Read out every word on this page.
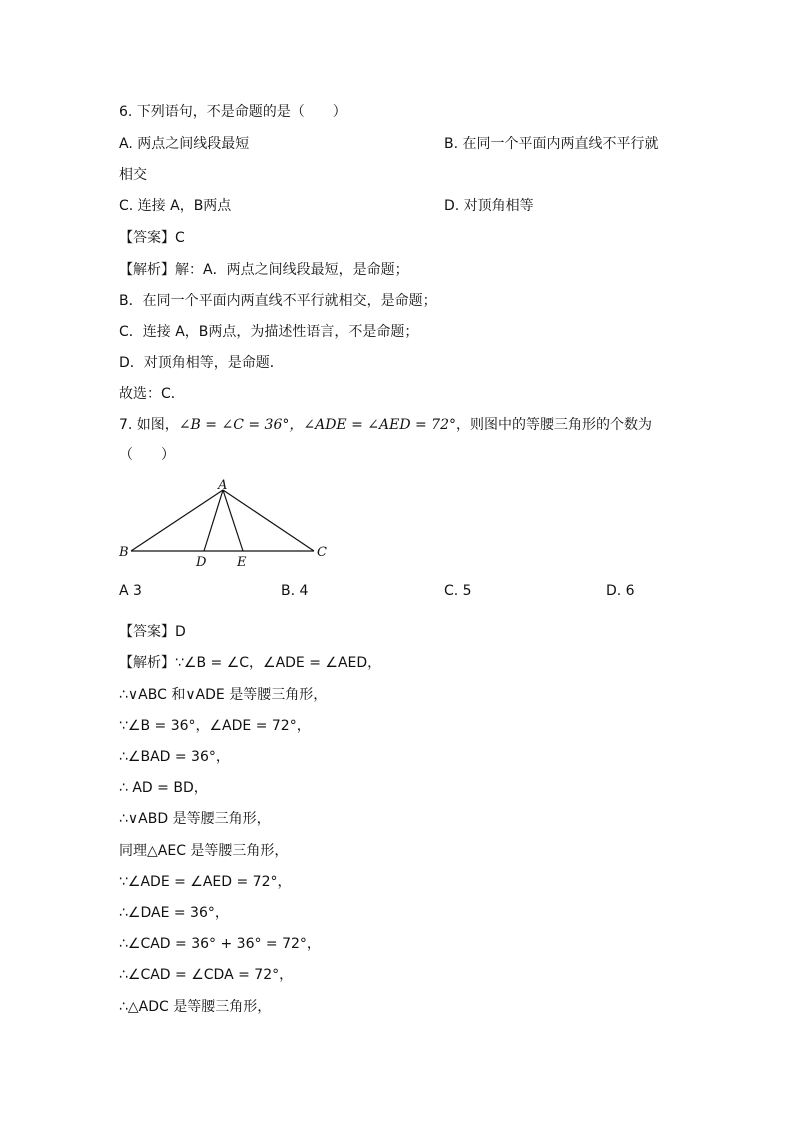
6. 下列语句，不是命题的是（　　）
A. 两点之间线段最短	B. 在同一个平面内两直线不平行就
相交
C. 连接 A，B两点	D. 对顶角相等
【答案】C
【解析】解：A．两点之间线段最短，是命题；
B．在同一个平面内两直线不平行就相交，是命题；
C．连接 A，B两点，为描述性语言，不是命题；
D．对顶角相等，是命题．
故选：C．
7. 如图，∠B = ∠C = 36°，∠ADE = ∠AED = 72°，则图中的等腰三角形的个数为
（　　）
A
B	C
D E
A 3	B. 4	C. 5	D. 6
【答案】D
【解析】∵∠B = ∠C，∠ADE = ∠AED，
∴∨ABC 和∨ADE 是等腰三角形，
∵∠B = 36°，∠ADE = 72°，
∴∠BAD = 36°，
∴ AD = BD，
∴∨ABD 是等腰三角形，
同理△AEC 是等腰三角形，
∵∠ADE = ∠AED = 72°，
∴∠DAE = 36°，
∴∠CAD = 36° + 36° = 72°，
∴∠CAD = ∠CDA = 72°，
∴△ADC 是等腰三角形，
